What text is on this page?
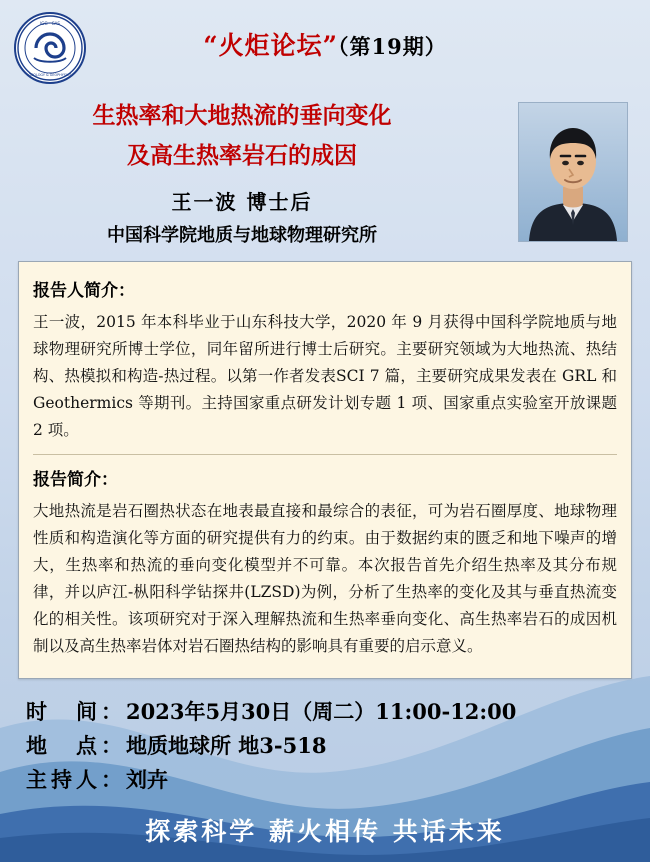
IGG · CAS
GEOLOGY & GEOPHYSICS
“火炬论坛”（第19期）
生热率和大地热流的垂向变化
及高生热率岩石的成因
王一波 博士后
中国科学院地质与地球物理研究所
报告人简介：

王一波，2015 年本科毕业于山东科技大学，2020 年 9 月获得中国科学院地质与地球物理研究所博士学位，同年留所进行博士后研究。主要研究领域为大地热流、热结构、热模拟和构造-热过程。以第一作者发表SCI 7 篇，主要研究成果发表在 GRL 和 Geothermics 等期刊。主持国家重点研发计划专题 1 项、国家重点实验室开放课题 2 项。

报告简介：

大地热流是岩石圈热状态在地表最直接和最综合的表征，可为岩石圈厚度、地球物理性质和构造演化等方面的研究提供有力的约束。由于数据约束的匮乏和地下噪声的增大，生热率和热流的垂向变化模型并不可靠。本次报告首先介绍生热率及其分布规律，并以庐江-枞阳科学钻探井(LZSD)为例，分析了生热率的变化及其与垂直热流变化的相关性。该项研究对于深入理解热流和生热率垂向变化、高生热率岩石的成因机制以及高生热率岩体对岩石圈热结构的影响具有重要的启示意义。

时　间：2023年5月30日（周二）11:00-12:00
地　点：地质地球所 地3-518
主持人：刘卉
探索科学 薪火相传 共话未来
